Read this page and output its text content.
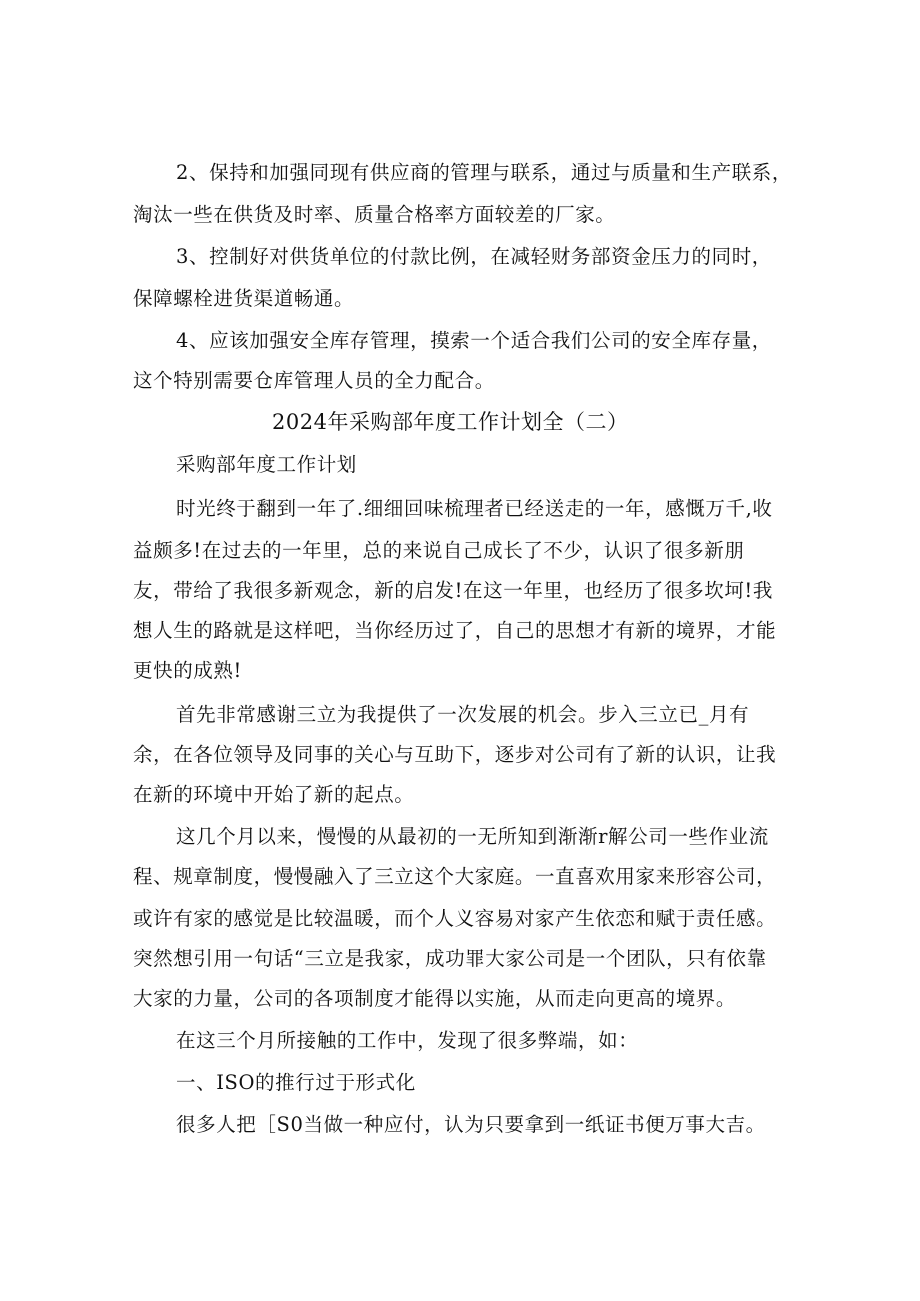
2、保持和加强同现有供应商的管理与联系，通过与质量和生产联系，
淘汰一些在供货及时率、质量合格率方面较差的厂家。
3、控制好对供货单位的付款比例，在减轻财务部资金压力的同时，
保障螺栓进货渠道畅通。
4、应该加强安全库存管理，摸索一个适合我们公司的安全库存量，
这个特别需要仓库管理人员的全力配合。
2024年采购部年度工作计划全（二）
采购部年度工作计划
时光终于翻到一年了.细细回味梳理者已经送走的一年，感慨万千,收
益颇多!在过去的一年里，总的来说自己成长了不少，认识了很多新朋
友，带给了我很多新观念，新的启发!在这一年里，也经历了很多坎坷!我
想人生的路就是这样吧，当你经历过了，自己的思想才有新的境界，才能
更快的成熟!
首先非常感谢三立为我提供了一次发展的机会。步入三立已_月有
余，在各位领导及同事的关心与互助下，逐步对公司有了新的认识，让我
在新的环境中开始了新的起点。
这几个月以来，慢慢的从最初的一无所知到渐渐r解公司一些作业流
程、规章制度，慢慢融入了三立这个大家庭。一直喜欢用家来形容公司，
或许有家的感觉是比较温暖，而个人义容易对家产生依恋和赋于责任感。
突然想引用一句话“三立是我家，成功罪大家公司是一个团队，只有依靠
大家的力量，公司的各项制度才能得以实施，从而走向更高的境界。
在这三个月所接触的工作中，发现了很多弊端，如：
一、ISO的推行过于形式化
很多人把［S0当做一种应付，认为只要拿到一纸证书便万事大吉。
